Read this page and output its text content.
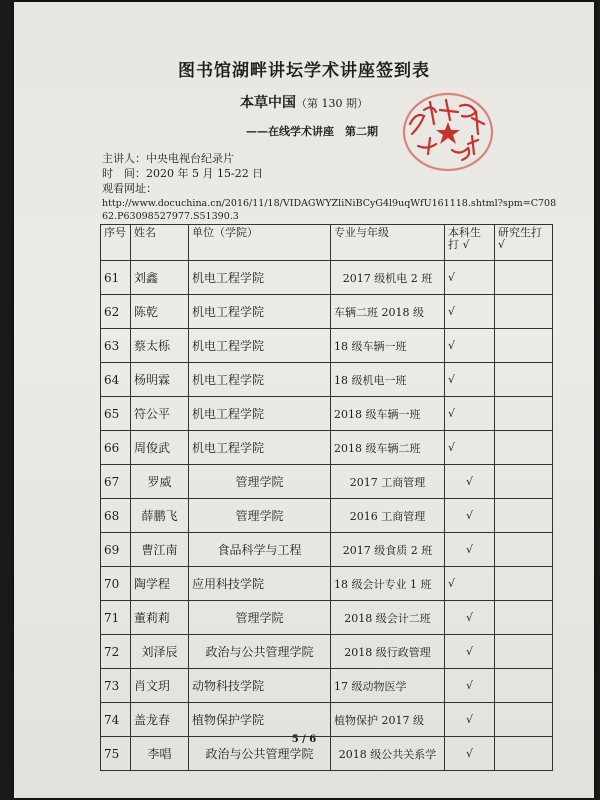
图书馆湖畔讲坛学术讲座签到表
本草中国（第 130 期）
——在线学术讲座　第二期
主讲人：中央电视台纪录片
时　间：2020 年 5 月 15-22 日
观看网址：
http://www.docuchina.cn/2016/11/18/VIDAGWYZliNiBCyG4l9uqWfU161118.shtml?spm=C708
62.P63098527977.S51390.3
序号	姓名	单位（学院）	专业与年级	本科生打 √	研究生打 √
61	刘鑫	机电工程学院	2017 级机电 2 班	√	
62	陈乾	机电工程学院	车辆二班 2018 级	√	
63	蔡太栎	机电工程学院	18 级车辆一班	√	
64	杨明霖	机电工程学院	18 级机电一班	√	
65	符公平	机电工程学院	2018 级车辆一班	√	
66	周俊武	机电工程学院	2018 级车辆二班	√	
67	罗威	管理学院	2017 工商管理	√	
68	薛鹏飞	管理学院	2016 工商管理	√	
69	曹江南	食品科学与工程	2017 级食质 2 班	√	
70	陶学程	应用科技学院	18 级会计专业 1 班	√	
71	董莉莉	管理学院	2018 级会计二班	√	
72	刘泽辰	政治与公共管理学院	2018 级行政管理	√	
73	肖文玥	动物科技学院	17 级动物医学	√	
74	盖龙春	植物保护学院	植物保护 2017 级	√	
75	李唱	政治与公共管理学院	2018 级公共关系学	√	
5 / 6
